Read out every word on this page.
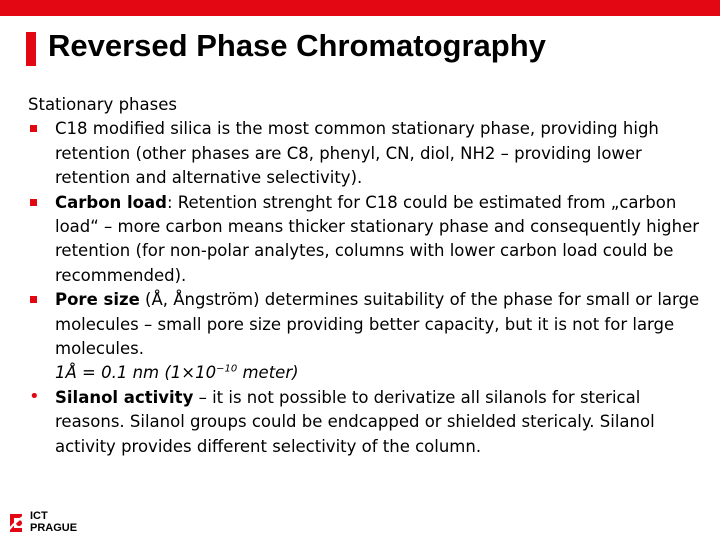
Reversed Phase Chromatography

Stationary phases

C18 modified silica is the most common stationary phase, providing high retention (other phases are C8, phenyl, CN, diol, NH2 – providing lower retention and alternative selectivity).
Carbon load: Retention strenght for C18 could be estimated from „carbon load“ – more carbon means thicker stationary phase and consequently higher retention (for non-polar analytes, columns with lower carbon load could be recommended).
Pore size (Å, Ångström) determines suitability of the phase for small or large molecules – small pore size providing better capacity, but it is not for large molecules.
1Å = 0.1 nm ($1\times 10^{-10}$ meter)
• Silanol activity – it is not possible to derivatize all silanols for sterical reasons. Silanol groups could be endcapped or shielded stericaly. Silanol activity provides different selectivity of the column.
ICT
PRAGUE
